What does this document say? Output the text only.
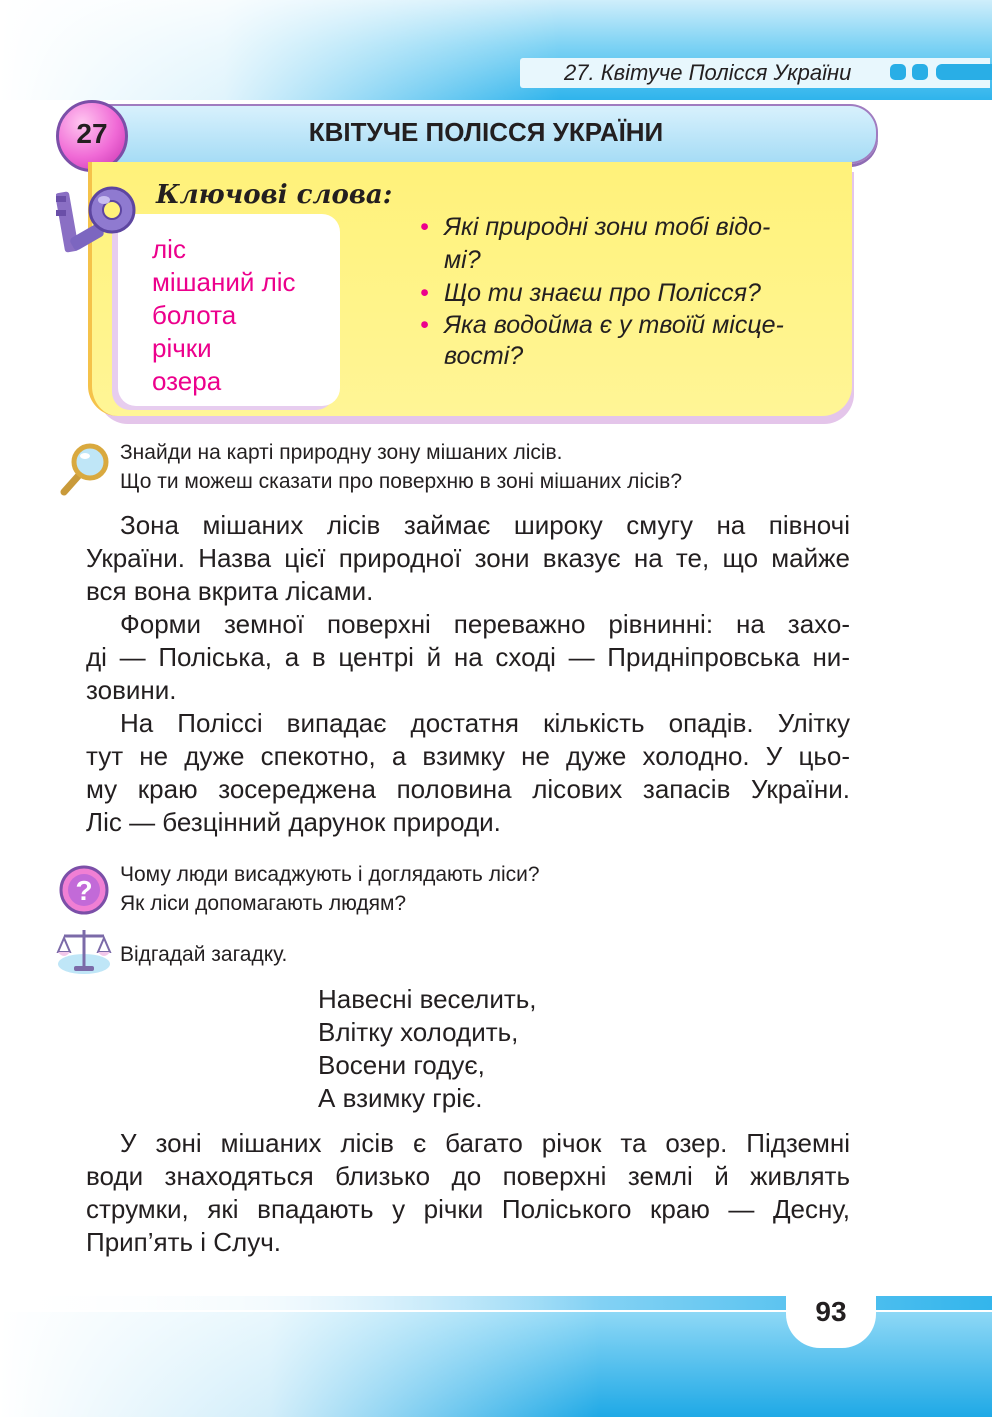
27. Квітуче Полісся України
КВІТУЧЕ ПОЛІССЯ УКРАЇНИ
27
Ключові слова:
ліс
мішаний ліс
болота
річки
озера
• Які природні зони тобі відо-
мі?
• Що ти знаєш про Полісся?
• Яка водойма є у твоїй місце-
вості?
Знайди на карті природну зону мішаних лісів.
Що ти можеш сказати про поверхню в зоні мішаних лісів?
Зона мішаних лісів займає широку смугу на півночі
України. Назва цієї природної зони вказує на те, що майже
вся вона вкрита лісами.
Форми земної поверхні переважно рівнинні: на захо-
ді — Поліська, а в центрі й на сході — Придніпровська ни-
зовини.
На Поліссі випадає достатня кількість опадів. Улітку
тут не дуже спекотно, а взимку не дуже холодно. У цьо-
му краю зосереджена половина лісових запасів України.
Ліс — безцінний дарунок природи.
?
Чому люди висаджують і доглядають ліси?
Як ліси допомагають людям?
Відгадай загадку.
Навесні веселить,
Влітку холодить,
Восени годує,
А взимку гріє.
У зоні мішаних лісів є багато річок та озер. Підземні
води знаходяться близько до поверхні землі й живлять
струмки, які впадають у річки Поліського краю — Десну,
Прип’ять і Случ.
93
